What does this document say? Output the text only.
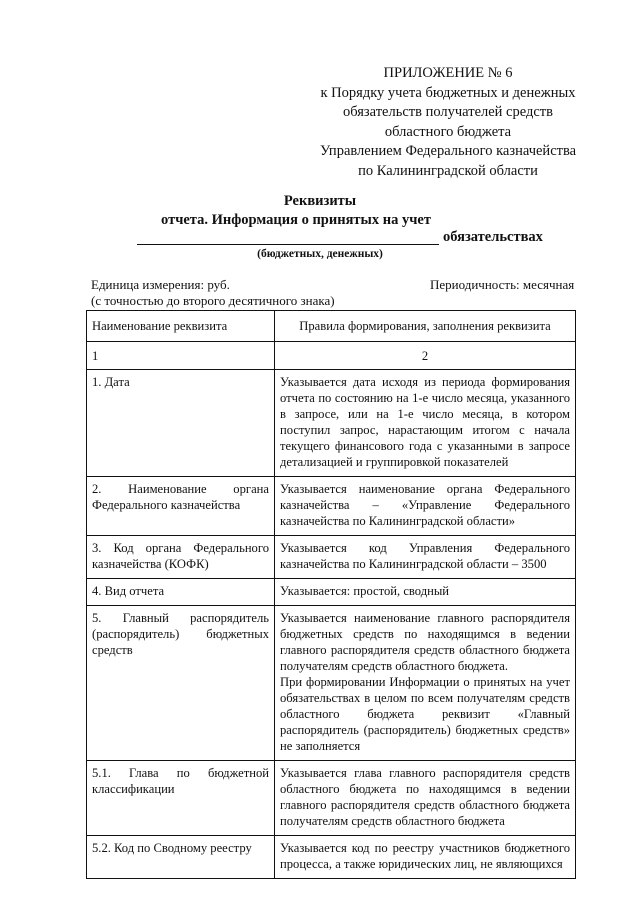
ПРИЛОЖЕНИЕ № 6
к Порядку учета бюджетных и денежных
обязательств получателей средств
областного бюджета
Управлением Федерального казначейства
по Калининградской области
Реквизиты
отчета. Информация о принятых на учет
обязательствах
(бюджетных, денежных)
Единица измерения: руб.
(с точностью до второго десятичного знака)
Периодичность: месячная
Наименование реквизита	Правила формирования, заполнения реквизита
1	2
1. Дата	Указывается дата исходя из периода формирования отчета по состоянию на 1-е число месяца, указанного в запросе, или на 1-е число месяца, в котором поступил запрос, нарастающим итогом с начала текущего финансового года с указанными в запросе детализацией и группировкой показателей

2. Наименование органа Федерального казначейства	Указывается наименование органа Федерального казначейства – «Управление Федерального казначейства по Калининградской области»

3. Код органа Федерального казначейства (КОФК)	Указывается код Управления Федерального казначейства по Калининградской области – 3500

4. Вид отчета	Указывается: простой, сводный

5. Главный распорядитель (распорядитель) бюджетных средств	Указывается наименование главного распорядителя бюджетных средств по находящимся в ведении главного распорядителя средств областного бюджета получателям средств областного бюджета.
При формировании Информации о принятых на учет обязательствах в целом по всем получателям средств областного бюджета реквизит «Главный распорядитель (распорядитель) бюджетных средств» не заполняется

5.1. Глава по бюджетной классификации	Указывается глава главного распорядителя средств областного бюджета по находящимся в ведении главного распорядителя средств областного бюджета получателям средств областного бюджета

5.2. Код по Сводному реестру	Указывается код по реестру участников бюджетного процесса, а также юридических лиц, не являющихся
